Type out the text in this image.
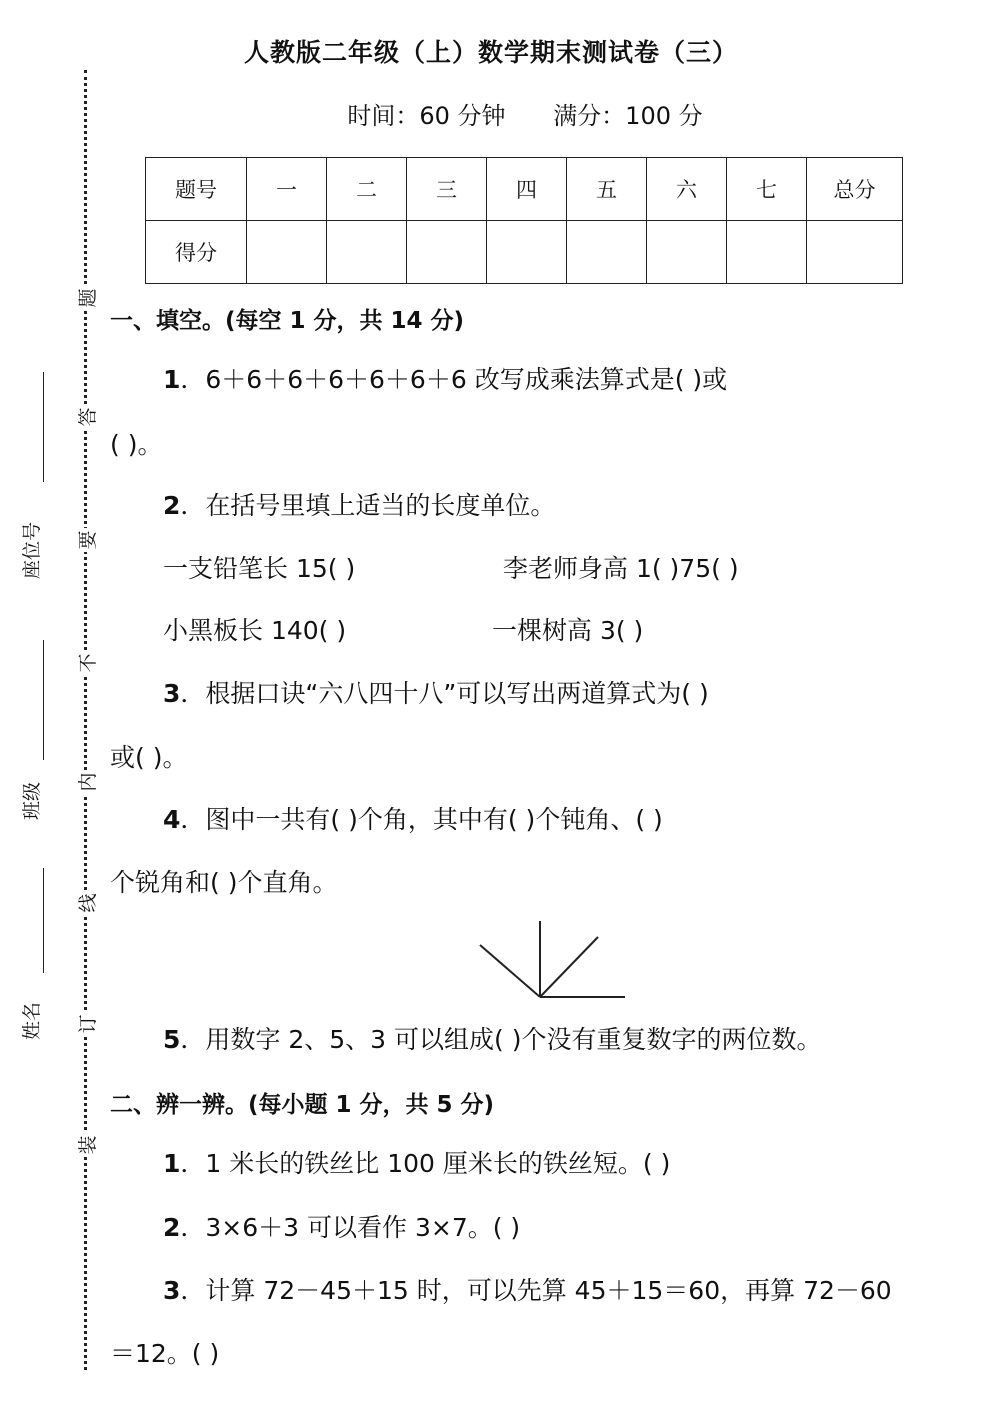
题
答
要
不
内
线
订
装
座位号
班级
姓名
人教版二年级（上）数学期末测试卷（三）
时间：60 分钟 满分：100 分
题号	一	二	三	四	五	六	七	总分
得分								
一、填空。(每空 1 分，共 14 分)
1．6＋6＋6＋6＋6＋6＋6 改写成乘法算式是( )或
( )。
2．在括号里填上适当的长度单位。
一支铅笔长 15( )	李老师身高 1( )75( )
小黑板长 140( )	一棵树高 3( )
3．根据口诀“六八四十八”可以写出两道算式为( )
或( )。
4．图中一共有( )个角，其中有( )个钝角、( )
个锐角和( )个直角。
5．用数字 2、5、3 可以组成( )个没有重复数字的两位数。
二、辨一辨。(每小题 1 分，共 5 分)
1．1 米长的铁丝比 100 厘米长的铁丝短。( )
2．3×6＋3 可以看作 3×7。( )
3．计算 72－45＋15 时，可以先算 45＋15＝60，再算 72－60
＝12。( )
